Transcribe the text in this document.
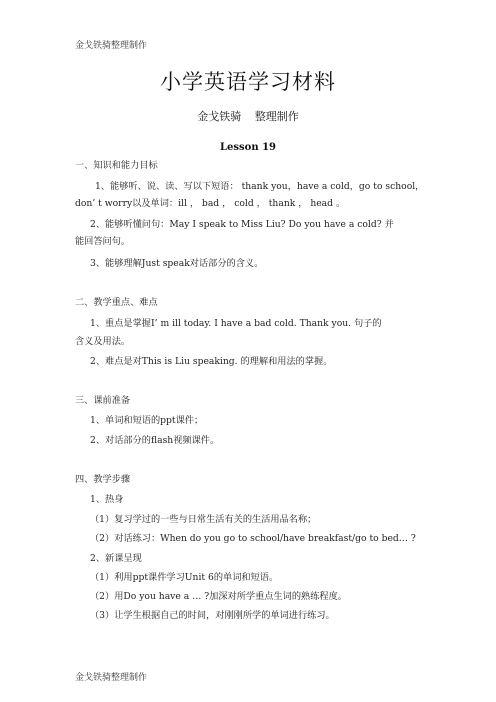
金戈铁骑整理制作
小学英语学习材料
金戈铁骑 整理制作
Lesson 19
一、知识和能力目标
1、能够听、说、读、写以下短语： thank you，have a cold，go to school，
don’ t worry以及单词：ill ， bad ， cold ， thank ， head 。
2、能够听懂问句：May I speak to Miss Liu? Do you have a cold? 并
能回答问句。
3、能够理解Just speak对话部分的含义。
二、教学重点、难点
1、重点是掌握I’ m ill today. I have a bad cold. Thank you. 句子的
含义及用法。
2、难点是对This is Liu speaking. 的理解和用法的掌握。
三、课前准备
1、单词和短语的ppt课件；
2、对话部分的flash视频课件。
四、教学步骤
1、热身
（1）复习学过的一些与日常生活有关的生活用品名称；
（2）对话练习：When do you go to school/have breakfast/go to bed… ?
2、新课呈现
（1）利用ppt课件学习Unit 6的单词和短语。
（2）用Do you have a … ?加深对所学重点生词的熟练程度。
（3）让学生根据自己的时间，对刚刚所学的单词进行练习。
金戈铁骑整理制作
